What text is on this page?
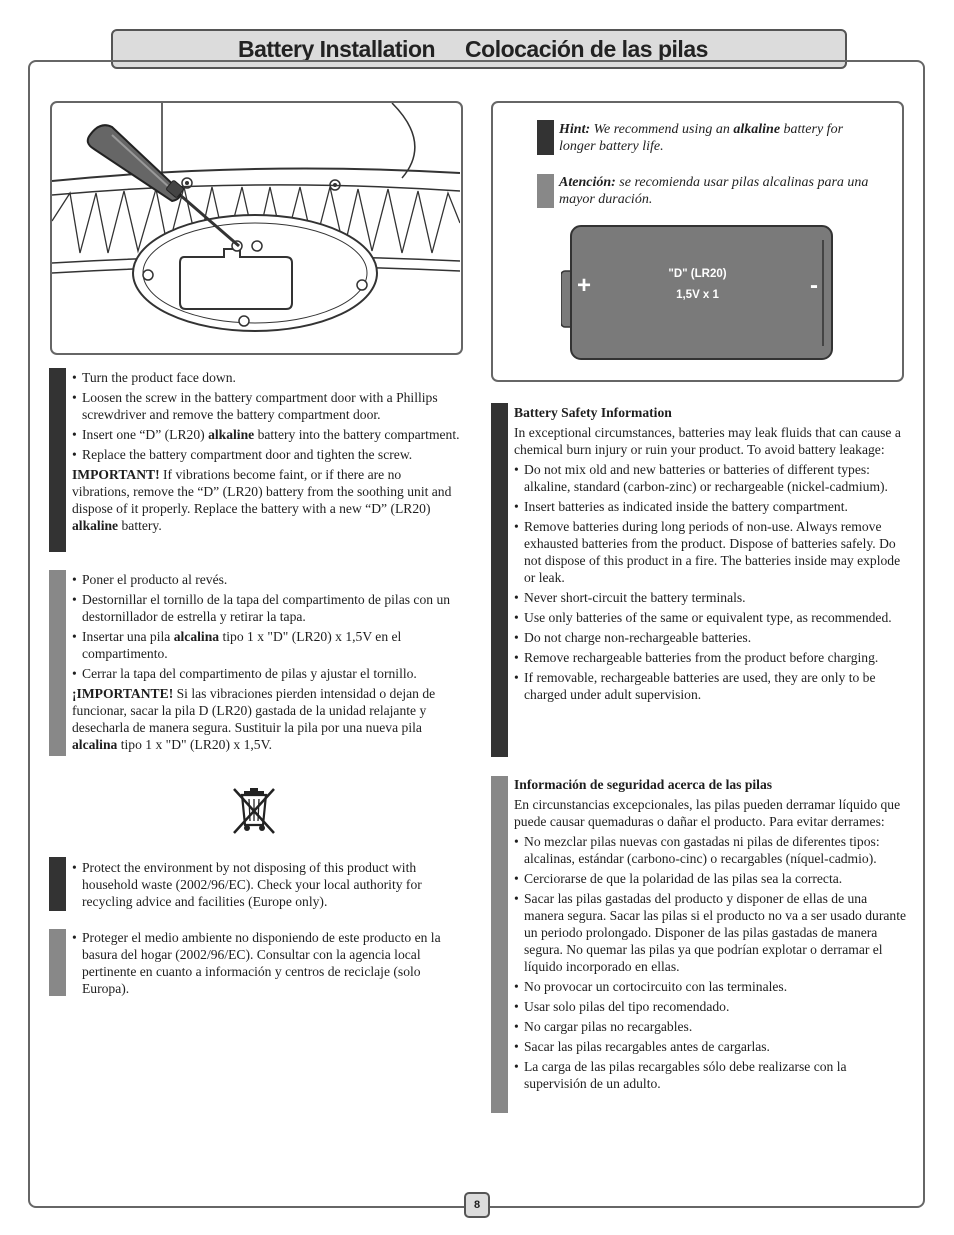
Battery Installation Colocación de las pilas
Hint: We recommend using an alkaline battery for longer battery life.
Atención: se recomienda usar pilas alcalinas para una mayor duración.
"D" (LR20)
1,5V x 1
+	-
• Turn the product face down.
• Loosen the screw in the battery compartment door with a Phillips screwdriver and remove the battery compartment door.
• Insert one “D” (LR20) alkaline battery into the battery compartment.
• Replace the battery compartment door and tighten the screw.

IMPORTANT! If vibrations become faint, or if there are no vibrations, remove the “D” (LR20) battery from the soothing unit and dispose of it properly. Replace the battery with a new “D” (LR20) alkaline battery.

• Poner el producto al revés.
• Destornillar el tornillo de la tapa del compartimento de pilas con un destornillador de estrella y retirar la tapa.
• Insertar una pila alcalina tipo 1 x "D" (LR20) x 1,5V en el compartimento.
• Cerrar la tapa del compartimento de pilas y ajustar el tornillo.

¡IMPORTANTE! Si las vibraciones pierden intensidad o dejan de funcionar, sacar la pila D (LR20) gastada de la unidad relajante y desecharla de manera segura. Sustituir la pila por una nueva pila alcalina tipo 1 x "D" (LR20) x 1,5V.

• Protect the environment by not disposing of this product with household waste (2002/96/EC). Check your local authority for recycling advice and facilities (Europe only).
• Proteger el medio ambiente no disponiendo de este producto en la basura del hogar (2002/96/EC). Consultar con la agencia local pertinente en cuanto a información y centros de reciclaje (solo Europa).

Battery Safety Information

In exceptional circumstances, batteries may leak fluids that can cause a chemical burn injury or ruin your product. To avoid battery leakage:

• Do not mix old and new batteries or batteries of different types: alkaline, standard (carbon-zinc) or rechargeable (nickel-cadmium).
• Insert batteries as indicated inside the battery compartment.
• Remove batteries during long periods of non-use. Always remove exhausted batteries from the product. Dispose of batteries safely. Do not dispose of this product in a fire. The batteries inside may explode or leak.
• Never short-circuit the battery terminals.
• Use only batteries of the same or equivalent type, as recommended.
• Do not charge non-rechargeable batteries.
• Remove rechargeable batteries from the product before charging.
• If removable, rechargeable batteries are used, they are only to be charged under adult supervision.

Información de seguridad acerca de las pilas

En circunstancias excepcionales, las pilas pueden derramar líquido que puede causar quemaduras o dañar el producto. Para evitar derrames:

• No mezclar pilas nuevas con gastadas ni pilas de diferentes tipos: alcalinas, estándar (carbono-cinc) o recargables (níquel-cadmio).
• Cerciorarse de que la polaridad de las pilas sea la correcta.
• Sacar las pilas gastadas del producto y disponer de ellas de una manera segura. Sacar las pilas si el producto no va a ser usado durante un periodo prolongado. Disponer de las pilas gastadas de manera segura. No quemar las pilas ya que podrían explotar o derramar el líquido incorporado en ellas.
• No provocar un cortocircuito con las terminales.
• Usar solo pilas del tipo recomendado.
• No cargar pilas no recargables.
• Sacar las pilas recargables antes de cargarlas.
• La carga de las pilas recargables sólo debe realizarse con la supervisión de un adulto.
8
